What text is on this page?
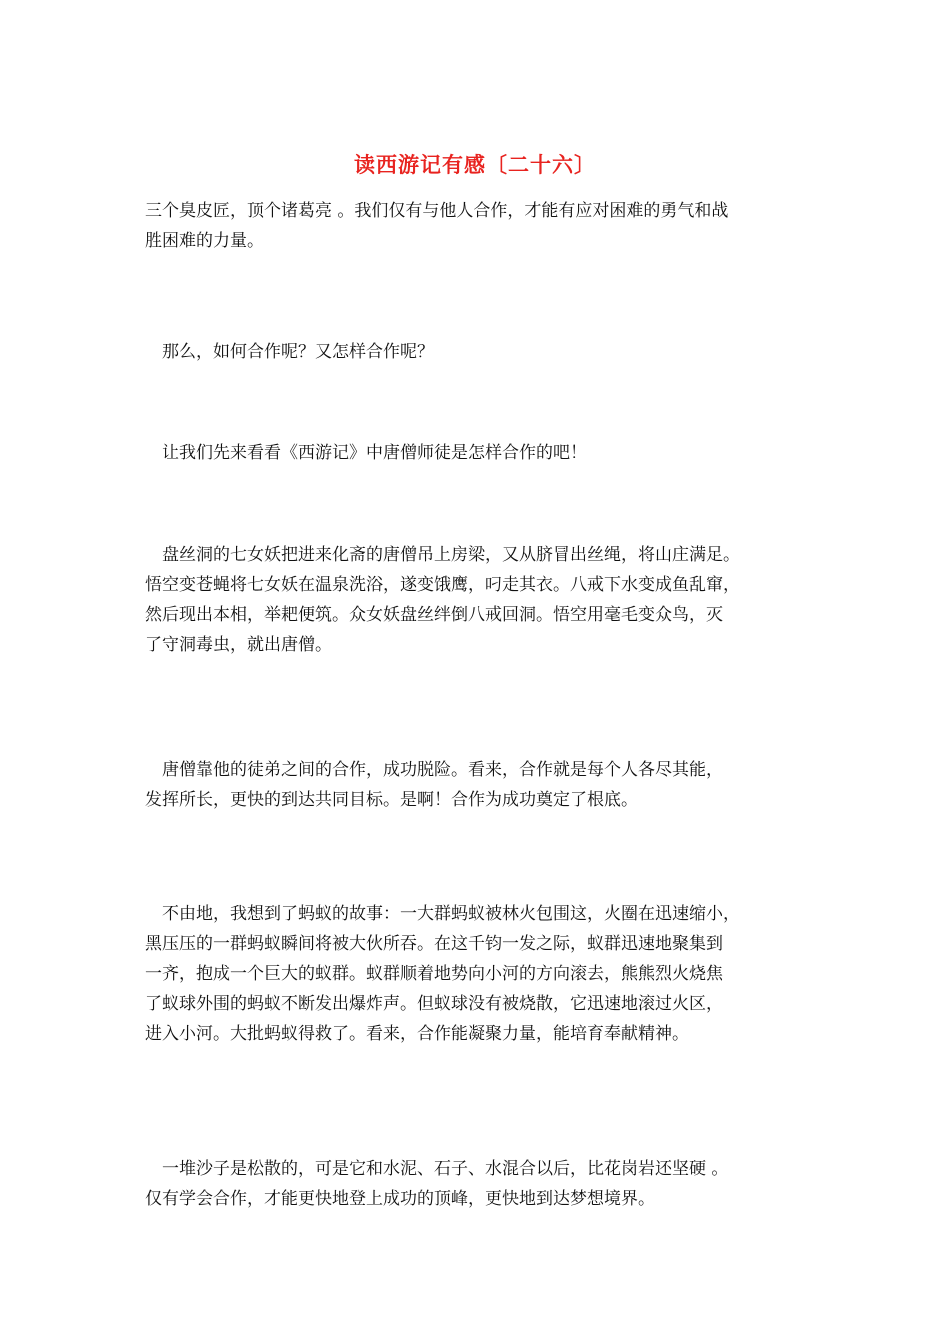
读西游记有感〔二十六〕

三个臭皮匠，顶个诸葛亮 。我们仅有与他人合作，才能有应对困难的勇气和战
胜困难的力量。

　那么，如何合作呢？又怎样合作呢？

　让我们先来看看《西游记》中唐僧师徒是怎样合作的吧！

　盘丝洞的七女妖把进来化斋的唐僧吊上房梁，又从脐冒出丝绳，将山庄满足。
悟空变苍蝇将七女妖在温泉洗浴，遂变饿鹰，叼走其衣。八戒下水变成鱼乱窜，
然后现出本相，举耙便筑。众女妖盘丝绊倒八戒回洞。悟空用毫毛变众鸟，灭
了守洞毒虫，就出唐僧。

　唐僧靠他的徒弟之间的合作，成功脱险。看来，合作就是每个人各尽其能，
发挥所长，更快的到达共同目标。是啊！合作为成功奠定了根底。

　不由地，我想到了蚂蚁的故事：一大群蚂蚁被林火包围这，火圈在迅速缩小，
黑压压的一群蚂蚁瞬间将被大伙所吞。在这千钧一发之际，蚁群迅速地聚集到
一齐，抱成一个巨大的蚁群。蚁群顺着地势向小河的方向滚去，熊熊烈火烧焦
了蚁球外围的蚂蚁不断发出爆炸声。但蚁球没有被烧散，它迅速地滚过火区，
进入小河。大批蚂蚁得救了。看来，合作能凝聚力量，能培育奉献精神。

　一堆沙子是松散的，可是它和水泥、石子、水混合以后，比花岗岩还坚硬 。
仅有学会合作，才能更快地登上成功的顶峰，更快地到达梦想境界。
